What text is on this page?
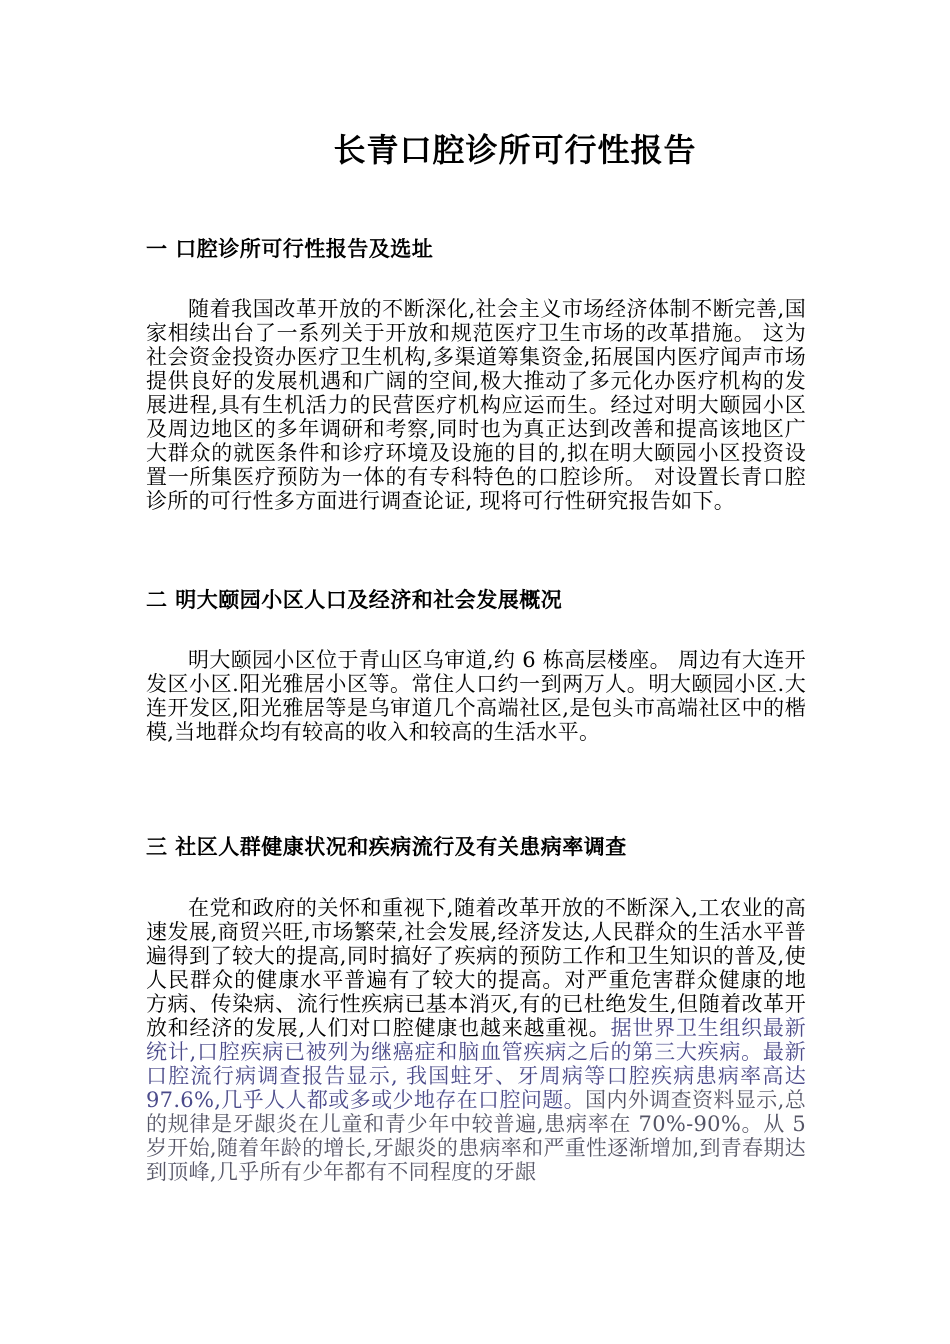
长青口腔诊所可行性报告
一 口腔诊所可行性报告及选址

随着我国改革开放的不断深化,社会主义市场经济体制不断完善,国家相续出台了一系列关于开放和规范医疗卫生市场的改革措施。 这为社会资金投资办医疗卫生机构,多渠道筹集资金,拓展国内医疗闻声市场提供良好的发展机遇和广阔的空间,极大推动了多元化办医疗机构的发展进程,具有生机活力的民营医疗机构应运而生。经过对明大颐园小区及周边地区的多年调研和考察,同时也为真正达到改善和提高该地区广大群众的就医条件和诊疗环境及设施的目的,拟在明大颐园小区投资设置一所集医疗预防为一体的有专科特色的口腔诊所。 对设置长青口腔诊所的可行性多方面进行调查论证, 现将可行性研究报告如下。

二 明大颐园小区人口及经济和社会发展概况

明大颐园小区位于青山区乌审道,约 6 栋高层楼座。 周边有大连开发区小区.阳光雅居小区等。常住人口约一到两万人。明大颐园小区.大连开发区,阳光雅居等是乌审道几个高端社区,是包头市高端社区中的楷模,当地群众均有较高的收入和较高的生活水平。

三 社区人群健康状况和疾病流行及有关患病率调查

在党和政府的关怀和重视下,随着改革开放的不断深入,工农业的高速发展,商贸兴旺,市场繁荣,社会发展,经济发达,人民群众的生活水平普遍得到了较大的提高,同时搞好了疾病的预防工作和卫生知识的普及,使人民群众的健康水平普遍有了较大的提高。对严重危害群众健康的地方病、传染病、流行性疾病已基本消灭,有的已杜绝发生,但随着改革开放和经济的发展,人们对口腔健康也越来越重视。据世界卫生组织最新统计,口腔疾病已被列为继癌症和脑血管疾病之后的第三大疾病。最新口腔流行病调查报告显示, 我国蛀牙、牙周病等口腔疾病患病率高达 97.6%,几乎人人都或多或少地存在口腔问题。国内外调查资料显示,总的规律是牙龈炎在儿童和青少年中较普遍,患病率在 70%-90%。从 5 岁开始,随着年龄的增长,牙龈炎的患病率和严重性逐渐增加,到青春期达到顶峰,几乎所有少年都有不同程度的牙龈
